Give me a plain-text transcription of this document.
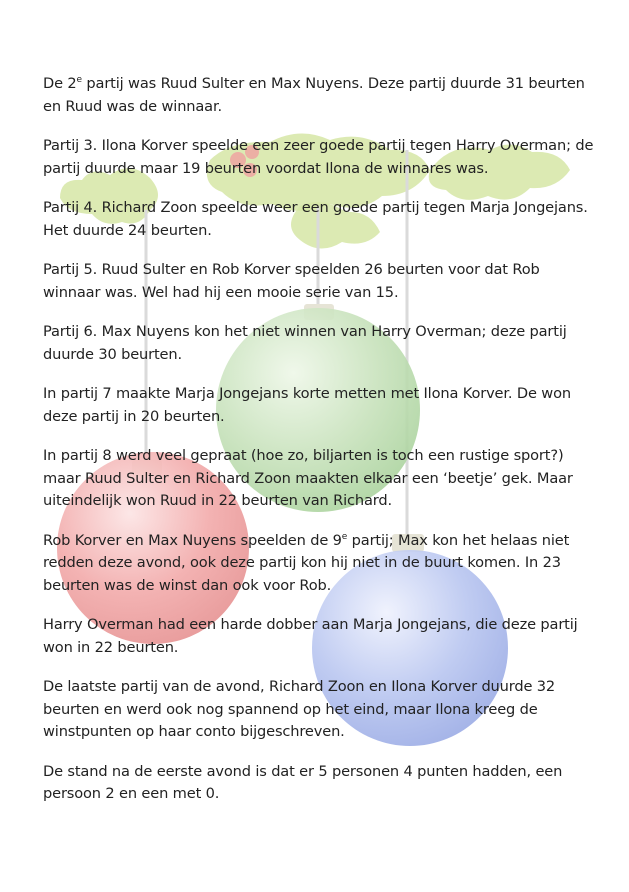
De 2e partij was Ruud Sulter en Max Nuyens. Deze partij duurde 31 beurten en Ruud was de winnaar.

Partij 3. Ilona Korver speelde een zeer goede partij tegen Harry Overman; de partij duurde maar 19 beurten voordat Ilona de winnares was.

Partij 4. Richard Zoon speelde weer een goede partij tegen Marja Jongejans. Het duurde 24 beurten.

Partij 5. Ruud Sulter en Rob Korver speelden 26 beurten voor dat Rob winnaar was. Wel had hij een mooie serie van 15.

Partij 6. Max Nuyens kon het niet winnen van Harry Overman; deze partij duurde 30 beurten.

In partij 7 maakte Marja Jongejans korte metten met Ilona Korver. De won deze partij in 20 beurten.

In partij 8 werd veel gepraat (hoe zo, biljarten is toch een rustige sport?) maar Ruud Sulter en Richard Zoon maakten elkaar een ‘beetje’ gek. Maar uiteindelijk won Ruud in 22 beurten van Richard.

Rob Korver en Max Nuyens speelden de 9e partij; Max kon het helaas niet redden deze avond, ook deze partij kon hij niet in de buurt komen. In 23 beurten was de winst dan ook voor Rob.

Harry Overman had een harde dobber aan Marja Jongejans, die deze partij won in 22 beurten.

De laatste partij van de avond, Richard Zoon en Ilona Korver duurde 32 beurten en werd ook nog spannend op het eind, maar Ilona kreeg de winstpunten op haar conto bijgeschreven.

De stand na de eerste avond is dat er 5 personen 4 punten hadden, een persoon 2 en een met 0.
